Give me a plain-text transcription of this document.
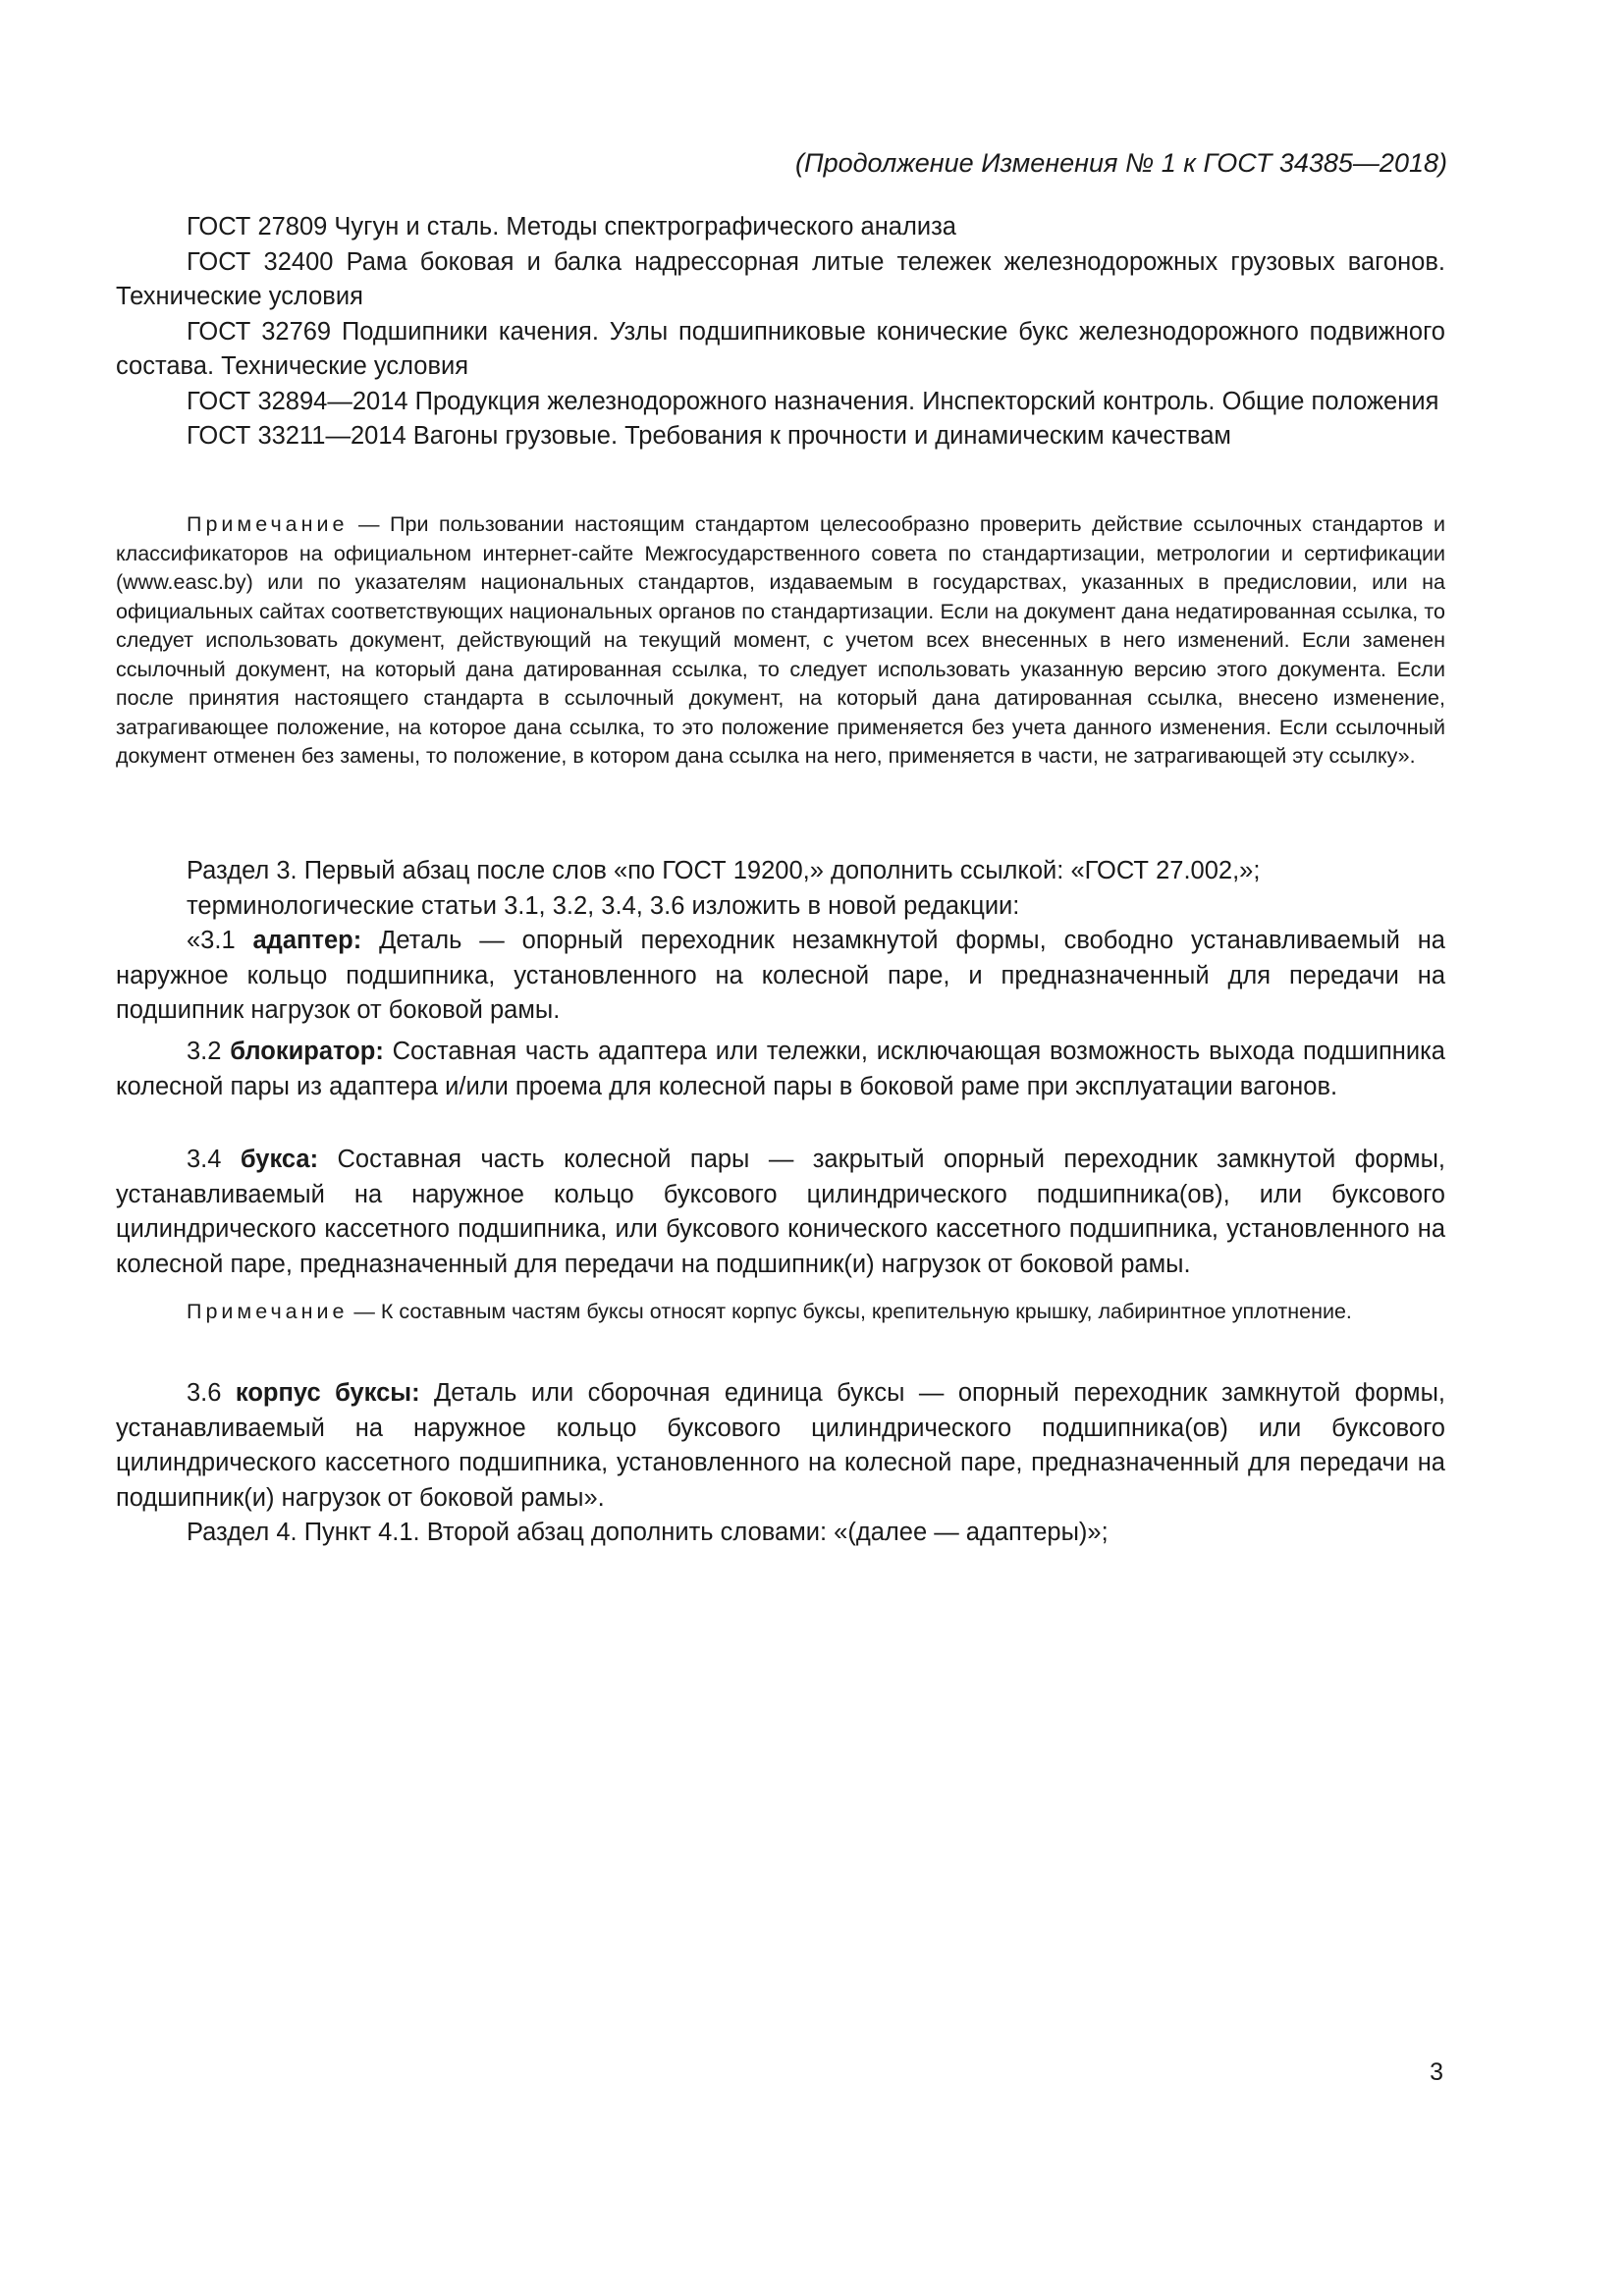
(Продолжение Изменения № 1 к ГОСТ 34385—2018)

ГОСТ 27809 Чугун и сталь. Методы спектрографического анализа

ГОСТ 32400 Рама боковая и балка надрессорная литые тележек железнодорожных грузовых вагонов. Технические условия

ГОСТ 32769 Подшипники качения. Узлы подшипниковые конические букс железнодорожного подвижного состава. Технические условия

ГОСТ 32894—2014 Продукция железнодорожного назначения. Инспекторский контроль. Общие положения

ГОСТ 33211—2014 Вагоны грузовые. Требования к прочности и динамическим качествам

Примечание — При пользовании настоящим стандартом целесообразно проверить действие ссылочных стандартов и классификаторов на официальном интернет-сайте Межгосударственного совета по стандартизации, метрологии и сертификации (www.easc.by) или по указателям национальных стандартов, издаваемым в государствах, указанных в предисловии, или на официальных сайтах соответствующих национальных органов по стандартизации. Если на документ дана недатированная ссылка, то следует использовать документ, действующий на текущий момент, с учетом всех внесенных в него изменений. Если заменен ссылочный документ, на который дана датированная ссылка, то следует использовать указанную версию этого документа. Если после принятия настоящего стандарта в ссылочный документ, на который дана датированная ссылка, внесено изменение, затрагивающее положение, на которое дана ссылка, то это положение применяется без учета данного изменения. Если ссылочный документ отменен без замены, то положение, в котором дана ссылка на него, применяется в части, не затрагивающей эту ссылку».

Раздел 3. Первый абзац после слов «по ГОСТ 19200,» дополнить ссылкой: «ГОСТ 27.002,»;

терминологические статьи 3.1, 3.2, 3.4, 3.6 изложить в новой редакции:

«3.1 адаптер: Деталь — опорный переходник незамкнутой формы, свободно устанавливаемый на наружное кольцо подшипника, установленного на колесной паре, и предназначенный для передачи на подшипник нагрузок от боковой рамы.

3.2 блокиратор: Составная часть адаптера или тележки, исключающая возможность выхода подшипника колесной пары из адаптера и/или проема для колесной пары в боковой раме при эксплуатации вагонов.

3.4 букса: Составная часть колесной пары — закрытый опорный переходник замкнутой формы, устанавливаемый на наружное кольцо буксового цилиндрического подшипника(ов), или буксового цилиндрического кассетного подшипника, или буксового конического кассетного подшипника, установленного на колесной паре, предназначенный для передачи на подшипник(и) нагрузок от боковой рамы.

Примечание — К составным частям буксы относят корпус буксы, крепительную крышку, лабиринтное уплотнение.

3.6 корпус буксы: Деталь или сборочная единица буксы — опорный переходник замкнутой формы, устанавливаемый на наружное кольцо буксового цилиндрического подшипника(ов) или буксового цилиндрического кассетного подшипника, установленного на колесной паре, предназначенный для передачи на подшипник(и) нагрузок от боковой рамы».

Раздел 4. Пункт 4.1. Второй абзац дополнить словами: «(далее — адаптеры)»;

3
